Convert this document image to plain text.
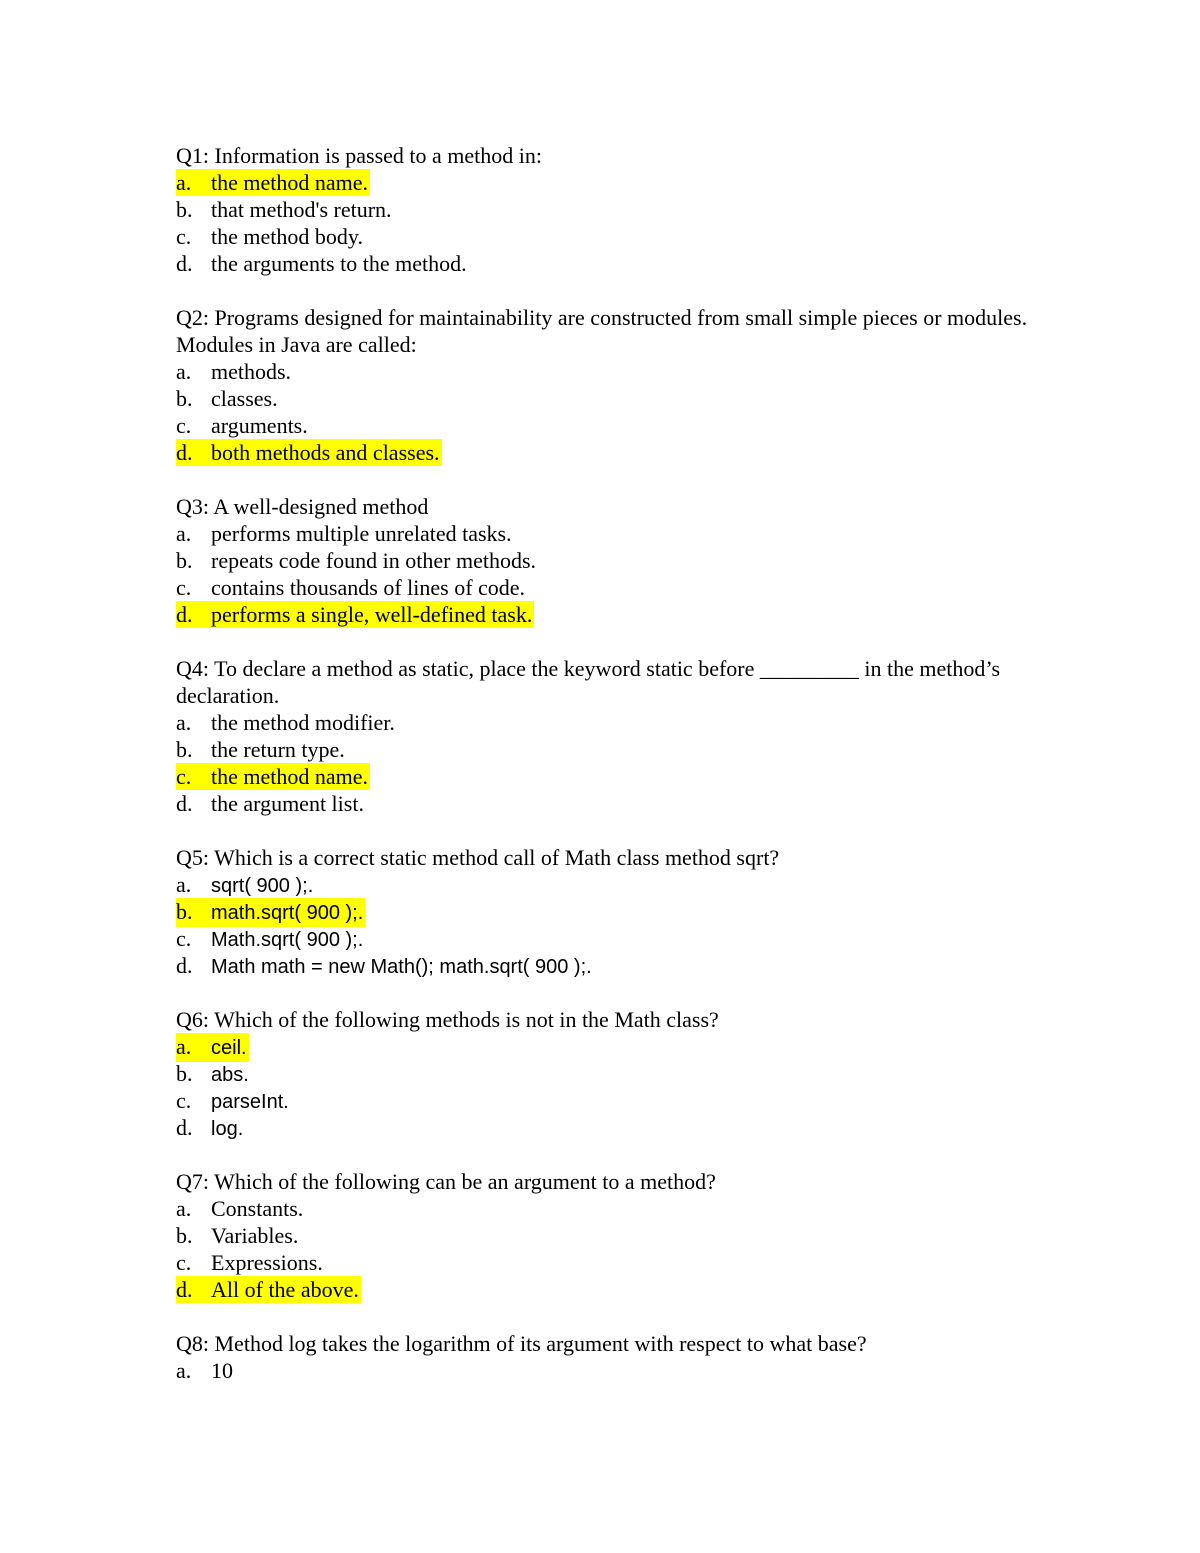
Q1: Information is passed to a method in:
a. the method name.
b. that method's return.
c. the method body.
d. the arguments to the method.
Q2: Programs designed for maintainability are constructed from small simple pieces or modules. Modules in Java are called:
a. methods.
b. classes.
c. arguments.
d. both methods and classes.
Q3: A well-designed method
a. performs multiple unrelated tasks.
b. repeats code found in other methods.
c. contains thousands of lines of code.
d. performs a single, well-defined task.
Q4: To declare a method as static, place the keyword static before _________ in the method’s declaration.
a. the method modifier.
b. the return type.
c. the method name.
d. the argument list.
Q5: Which is a correct static method call of Math class method sqrt?
a. sqrt( 900 );.
b. math.sqrt( 900 );.
c. Math.sqrt( 900 );.
d. Math math = new Math(); math.sqrt( 900 );.
Q6: Which of the following methods is not in the Math class?
a. ceil.
b. abs.
c. parseInt.
d. log.
Q7: Which of the following can be an argument to a method?
a. Constants.
b. Variables.
c. Expressions.
d. All of the above.
Q8: Method log takes the logarithm of its argument with respect to what base?
a. 10
